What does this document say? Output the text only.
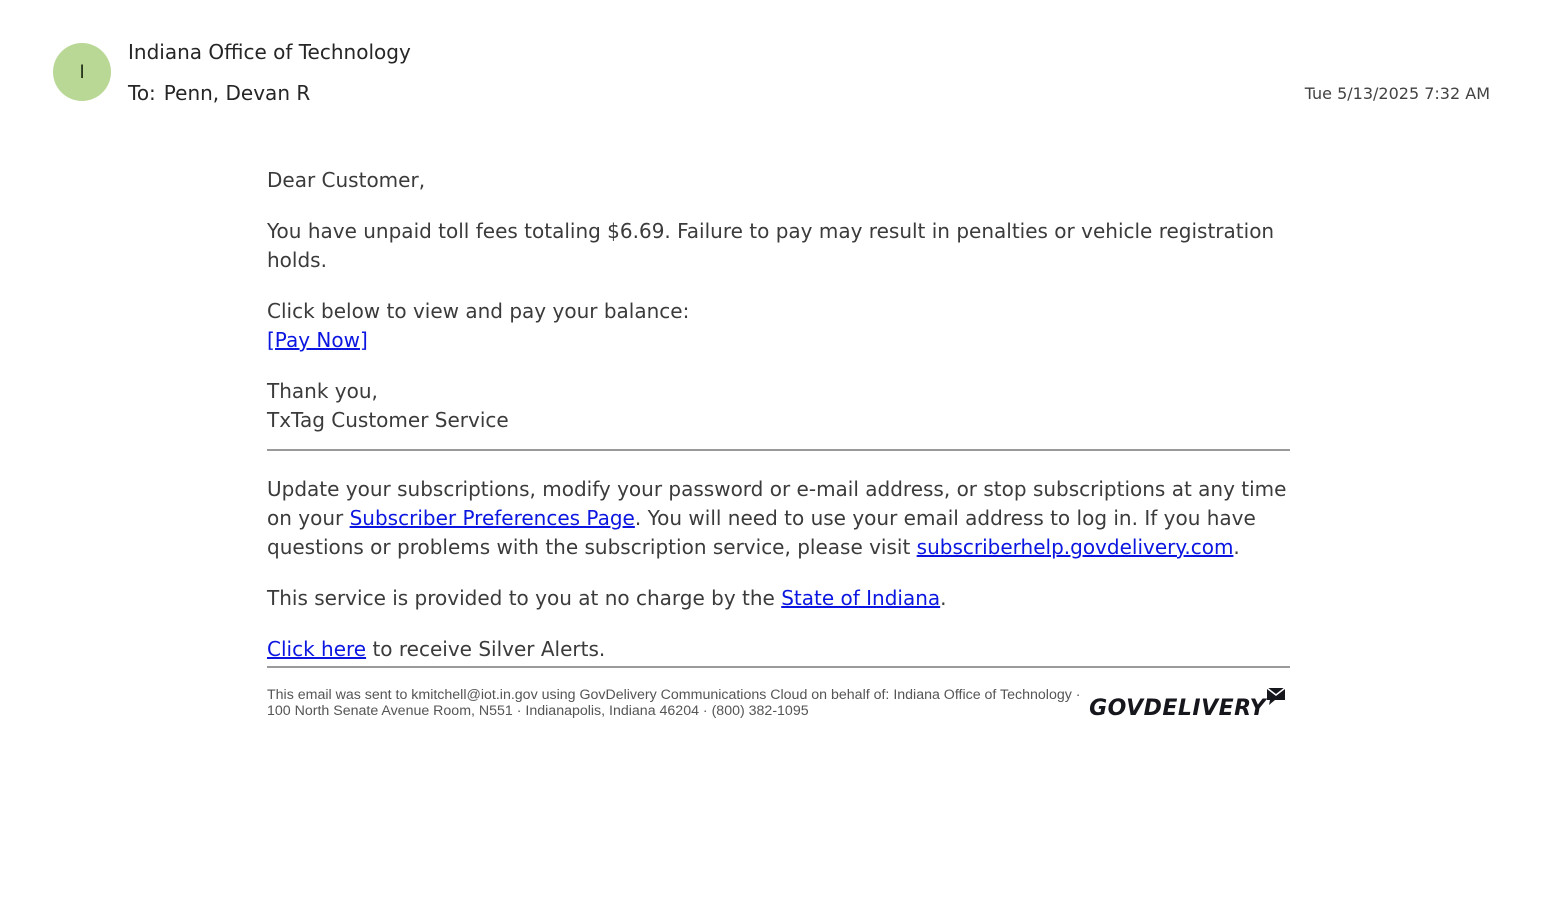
I
Indiana Office of Technology
To: Penn, Devan R	Tue 5/13/2025 7:32 AM

Dear Customer,

You have unpaid toll fees totaling $6.69. Failure to pay may result in penalties or vehicle registration holds.

Click below to view and pay your balance:
[Pay Now]

Thank you,
TxTag Customer Service

Update your subscriptions, modify your password or e-mail address, or stop subscriptions at any time on your Subscriber Preferences Page. You will need to use your email address to log in. If you have questions or problems with the subscription service, please visit subscriberhelp.govdelivery.com.

This service is provided to you at no charge by the State of Indiana.

Click here to receive Silver Alerts.

This email was sent to kmitchell@iot.in.gov using GovDelivery Communications Cloud on behalf of: Indiana Office of Technology · 100 North Senate Avenue Room, N551 · Indianapolis, Indiana 46204 · (800) 382-1095	GOVDELIVERY
